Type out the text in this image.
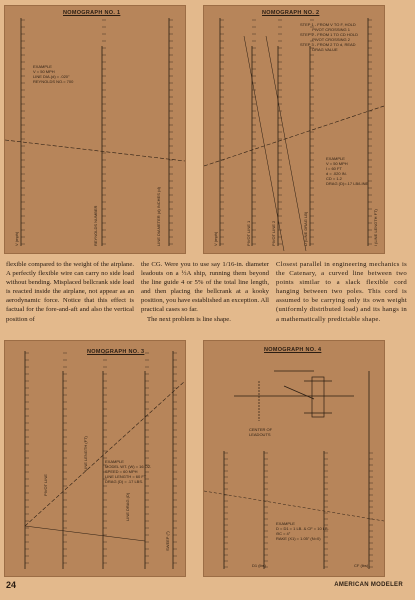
NOMOGRAPH NO. 1
EXAMPLE
V = 50 MPH
LINE DIA.(d) = .020"
REYNOLDS NO.= 700
V (mph)	REYNOLDS NUMBER	LINE DIAMETER (d) INCHES (d)
NOMOGRAPH NO. 2
STEP 1 - FROM V TO F, HOLD
PIVOT CROSSING 1
STEP 2 - FROM 1 TO CD HOLD
PIVOT CROSSING 2
STEP 3 - FROM 2 TO d, READ
DRAG VALUE
EXAMPLE
V = 50 MPH
l = 60 FT
d = .020 IN.
CD = 1.2
DRAG (D)=.17 LB/LINE
V (mph)	PIVOT LINE 1	PIVOT LINE 2	D (LINE DRAG LB)	l (LINE LENGTH FT)

flexible compared to the weight of the airplane. A perfectly flexible wire can carry no side load without bending. Misplaced bellcrank side load is reacted inside the airplane, not appear as an aerodynamic force. Notice that this effect is factual for the fore-and-aft and also the vertical position of

the CG. Were you to use say 1/16-in. diameter leadouts on a ½A ship, running them beyond the line guide 4 or 5% of the total line length, and then placing the bellcrank at a kooky position, you have established an exception. All practical cases so far.

The next problem is line shape.

Closest parallel in engineering mechanics is the Catenary, a curved line between two points similar to a slack flexible cord hanging between two poles. This cord is assumed to be carrying only its own weight (uniformly distributed load) and its hangs in a mathematically predictable shape.

NOMOGRAPH NO. 3
EXAMPLE
MODEL WT. (W) = 16 OZ.
SPEED = 60 MPH
LINE LENGTH = 60 FT
DRAG (D) = .17 LBS.
PIVOT LINE
LINE LENGTH (FT)
LINE DRAG (D)
SWEEP (°)
NOMOGRAPH NO. 4
CENTER OF
LEADOUTS
EXAMPLE
D = D1 = 1 LB. & CF = 10 LB.
ΘC = 4°
RAKE (X1) = 1.05" (N=0)
D1 (lbs)	CF (lbs)
24	AMERICAN MODELER
